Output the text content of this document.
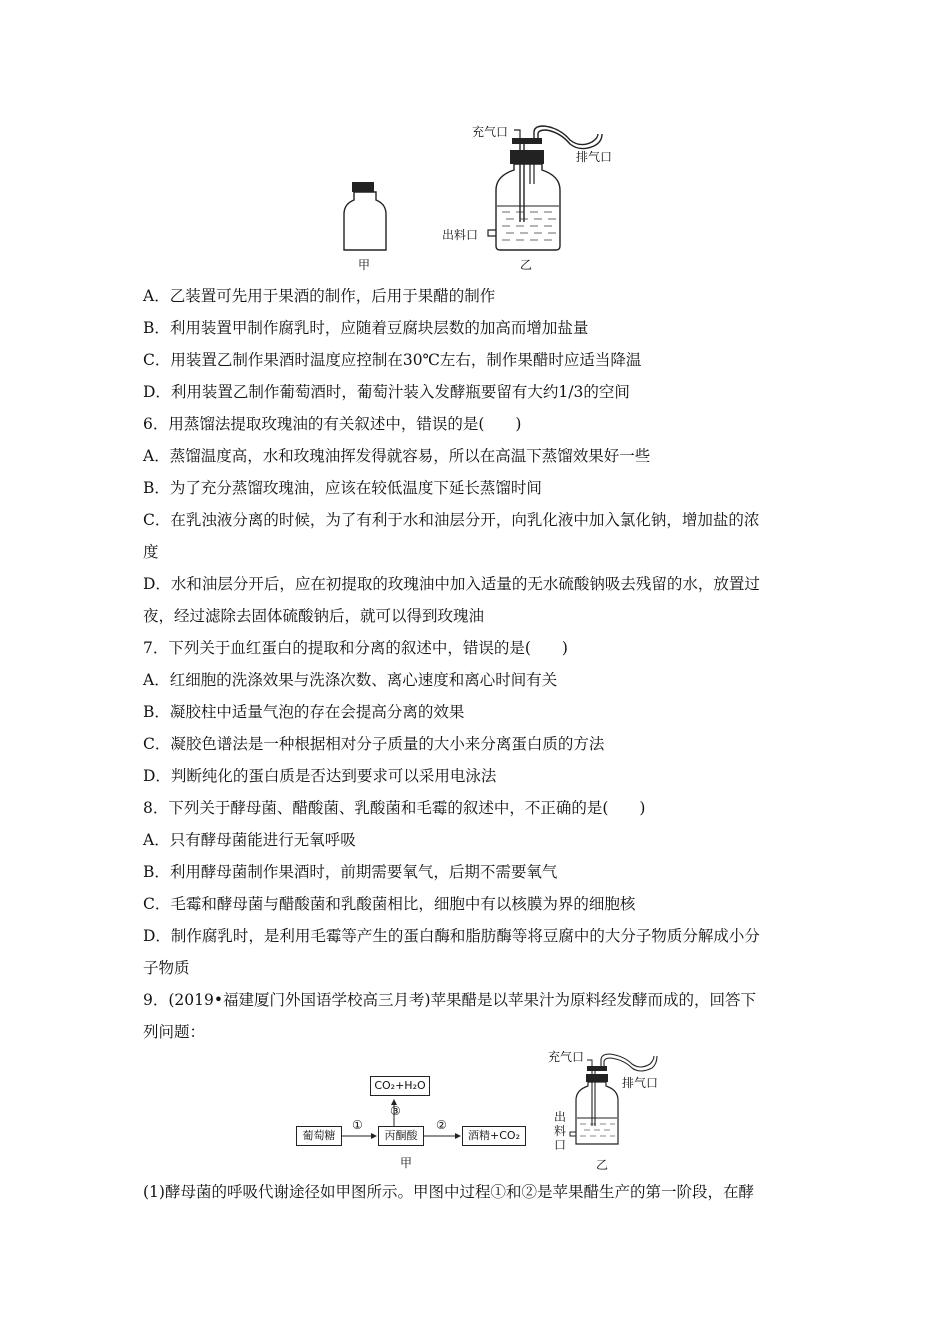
充气口
排气口
出料口
甲	乙
A．乙装置可先用于果酒的制作，后用于果醋的制作
B．利用装置甲制作腐乳时，应随着豆腐块层数的加高而增加盐量
C．用装置乙制作果酒时温度应控制在30℃左右，制作果醋时应适当降温
D．利用装置乙制作葡萄酒时，葡萄汁装入发酵瓶要留有大约1/3的空间
6．用蒸馏法提取玫瑰油的有关叙述中，错误的是(　　)
A．蒸馏温度高，水和玫瑰油挥发得就容易，所以在高温下蒸馏效果好一些
B．为了充分蒸馏玫瑰油，应该在较低温度下延长蒸馏时间
C．在乳浊液分离的时候，为了有利于水和油层分开，向乳化液中加入氯化钠，增加盐的浓
度
D．水和油层分开后，应在初提取的玫瑰油中加入适量的无水硫酸钠吸去残留的水，放置过
夜，经过滤除去固体硫酸钠后，就可以得到玫瑰油
7．下列关于血红蛋白的提取和分离的叙述中，错误的是(　　)
A．红细胞的洗涤效果与洗涤次数、离心速度和离心时间有关
B．凝胶柱中适量气泡的存在会提高分离的效果
C．凝胶色谱法是一种根据相对分子质量的大小来分离蛋白质的方法
D．判断纯化的蛋白质是否达到要求可以采用电泳法
8．下列关于酵母菌、醋酸菌、乳酸菌和毛霉的叙述中，不正确的是(　　)
A．只有酵母菌能进行无氧呼吸
B．利用酵母菌制作果酒时，前期需要氧气，后期不需要氧气
C．毛霉和酵母菌与醋酸菌和乳酸菌相比，细胞中有以核膜为界的细胞核
D．制作腐乳时，是利用毛霉等产生的蛋白酶和脂肪酶等将豆腐中的大分子物质分解成小分
子物质
9．(2019•福建厦门外国语学校高三月考)苹果醋是以苹果汁为原料经发酵而成的，回答下
列问题：
CO₂+H₂O
葡萄糖	丙酮酸	酒精+CO₂
①	②
③
甲	乙
充气口
排气口
出
料
口
(1)酵母菌的呼吸代谢途径如甲图所示。甲图中过程①和②是苹果醋生产的第一阶段，在酵
